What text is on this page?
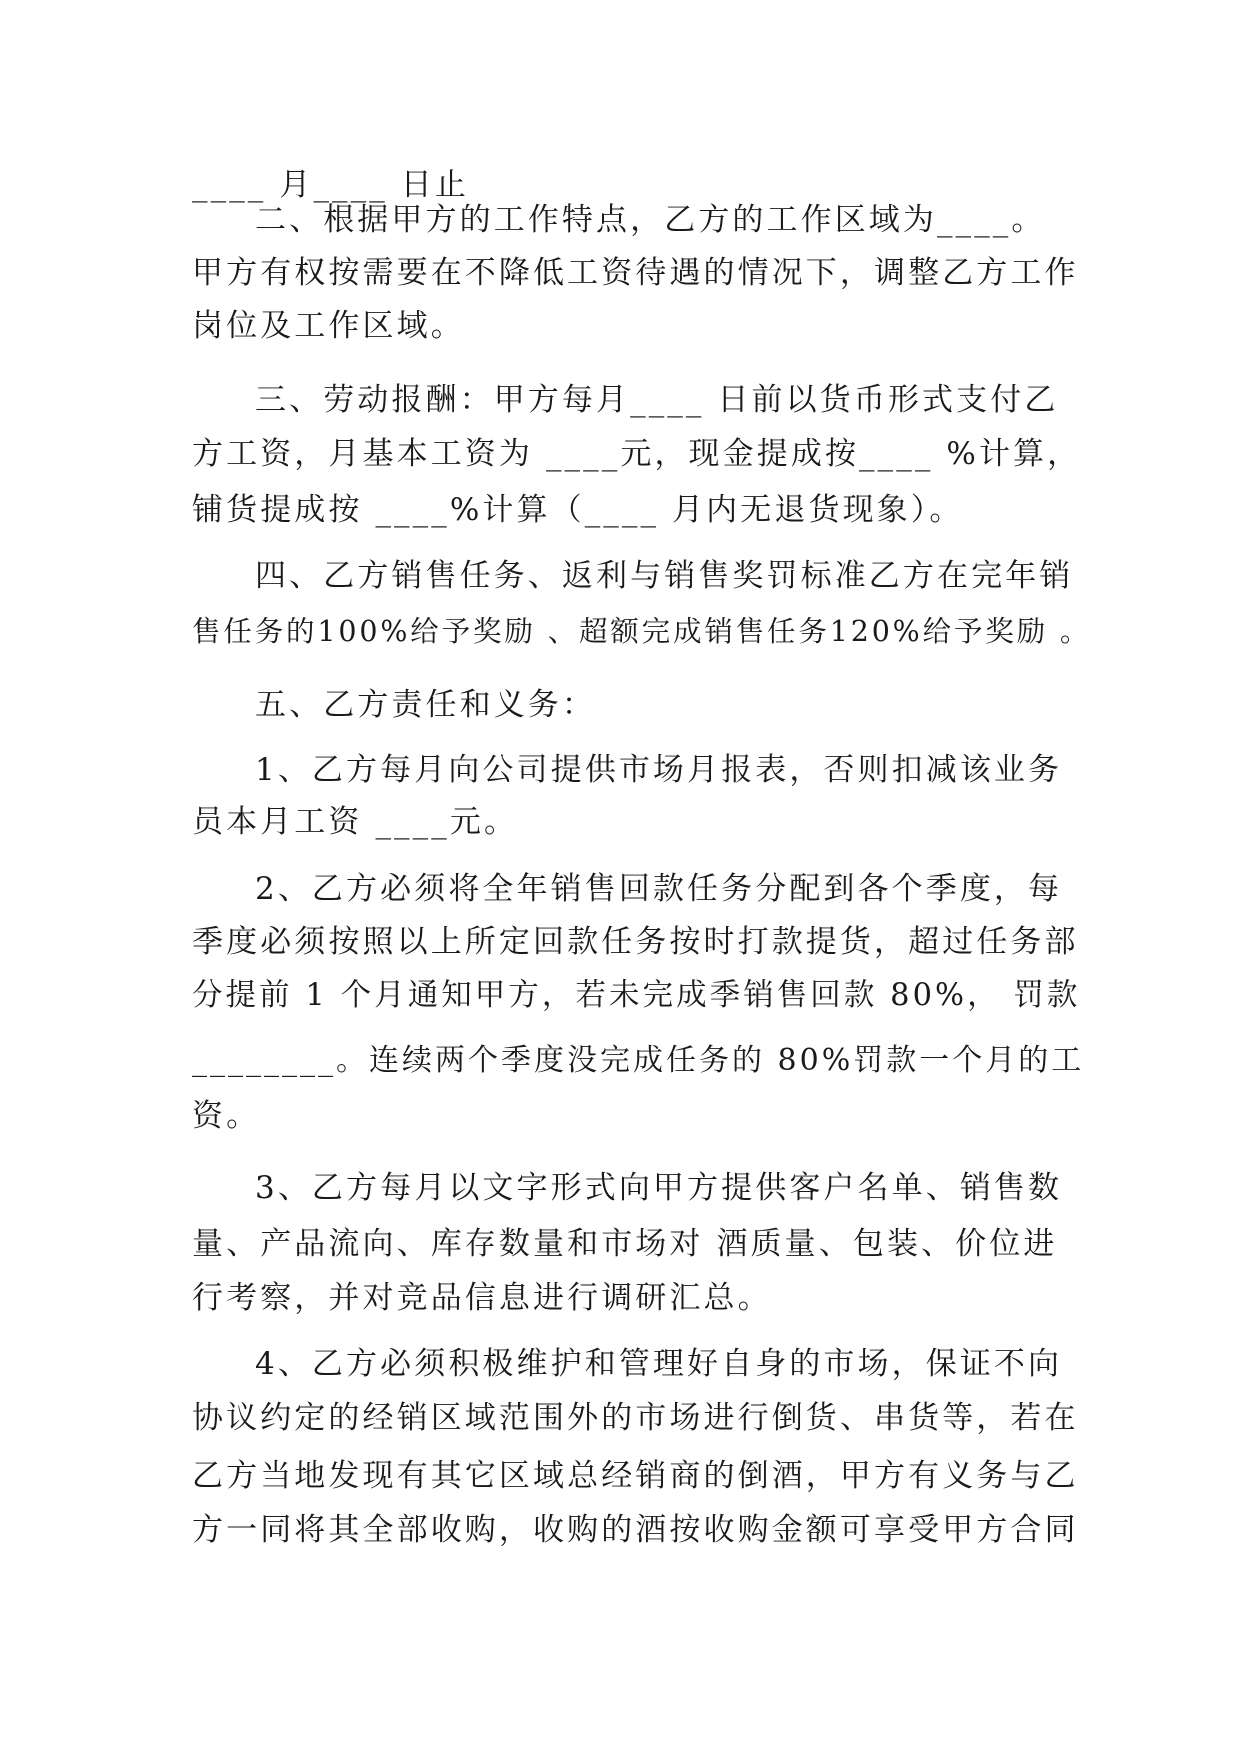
____ 月____ 日止
二、根据甲方的工作特点，乙方的工作区域为____。
甲方有权按需要在不降低工资待遇的情况下，调整乙方工作
岗位及工作区域。
三、劳动报酬：甲方每月____ 日前以货币形式支付乙
方工资，月基本工资为 ____元，现金提成按____ %计算，
铺货提成按 ____%计算（____ 月内无退货现象）。
四、乙方销售任务、返利与销售奖罚标准乙方在完年销
售任务的100%给予奖励 、超额完成销售任务120%给予奖励 。
五、乙方责任和义务：
1、乙方每月向公司提供市场月报表，否则扣减该业务
员本月工资 ____元。
2、乙方必须将全年销售回款任务分配到各个季度，每
季度必须按照以上所定回款任务按时打款提货，超过任务部
分提前 1 个月通知甲方，若未完成季销售回款 80%， 罚款
________。连续两个季度没完成任务的 80%罚款一个月的工
资。
3、乙方每月以文字形式向甲方提供客户名单、销售数
量、产品流向、库存数量和市场对 酒质量、包装、价位进
行考察，并对竞品信息进行调研汇总。
4、乙方必须积极维护和管理好自身的市场，保证不向
协议约定的经销区域范围外的市场进行倒货、串货等，若在
乙方当地发现有其它区域总经销商的倒酒，甲方有义务与乙
方一同将其全部收购，收购的酒按收购金额可享受甲方合同
